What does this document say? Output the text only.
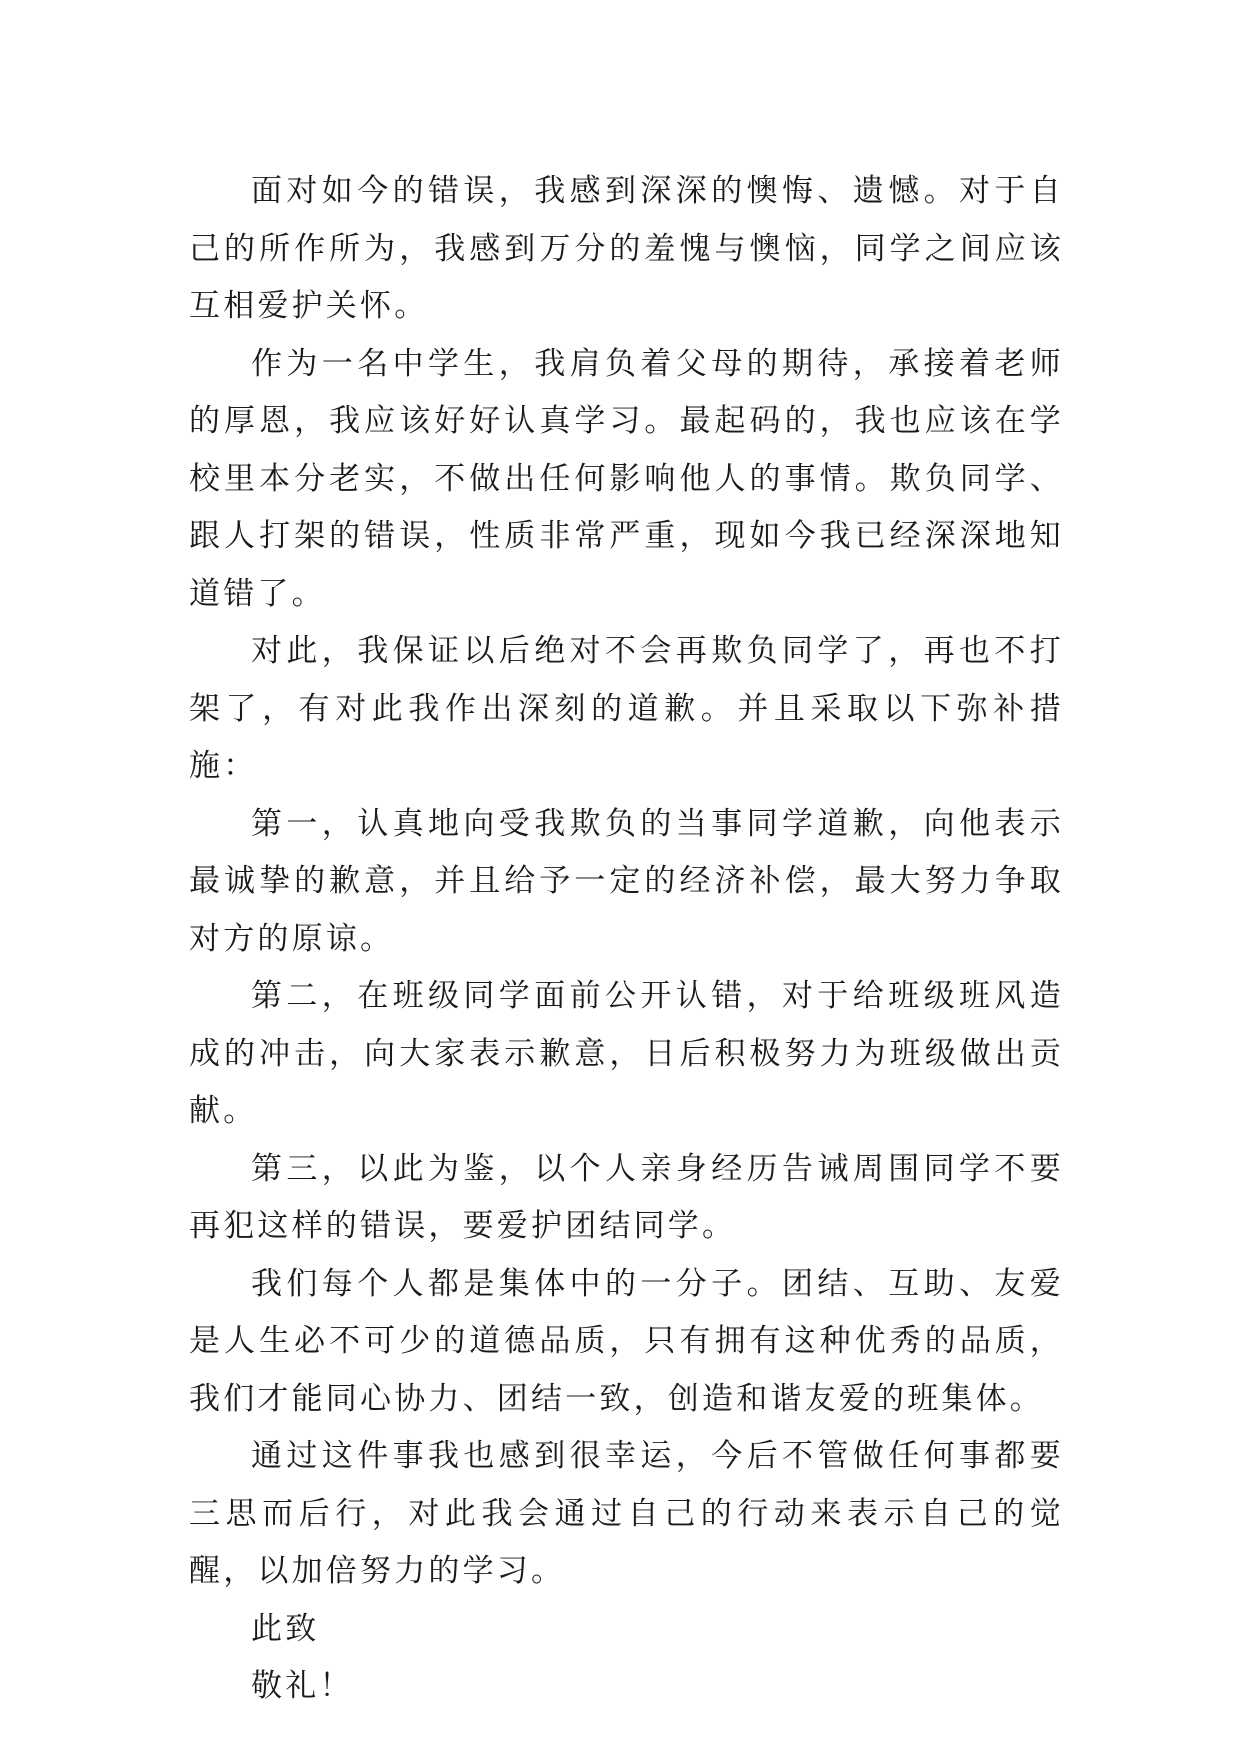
面对如今的错误，我感到深深的懊悔、遗憾。对于自己的所作所为，我感到万分的羞愧与懊恼，同学之间应该互相爱护关怀。

作为一名中学生，我肩负着父母的期待，承接着老师的厚恩，我应该好好认真学习。最起码的，我也应该在学校里本分老实，不做出任何影响他人的事情。欺负同学、跟人打架的错误，性质非常严重，现如今我已经深深地知道错了。

对此，我保证以后绝对不会再欺负同学了，再也不打架了，有对此我作出深刻的道歉。并且采取以下弥补措施：

第一，认真地向受我欺负的当事同学道歉，向他表示最诚挚的歉意，并且给予一定的经济补偿，最大努力争取对方的原谅。

第二，在班级同学面前公开认错，对于给班级班风造成的冲击，向大家表示歉意，日后积极努力为班级做出贡献。

第三，以此为鉴，以个人亲身经历告诫周围同学不要再犯这样的错误，要爱护团结同学。

我们每个人都是集体中的一分子。团结、互助、友爱是人生必不可少的道德品质，只有拥有这种优秀的品质，我们才能同心协力、团结一致，创造和谐友爱的班集体。

通过这件事我也感到很幸运，今后不管做任何事都要三思而后行，对此我会通过自己的行动来表示自己的觉醒，以加倍努力的学习。

此致

敬礼！
